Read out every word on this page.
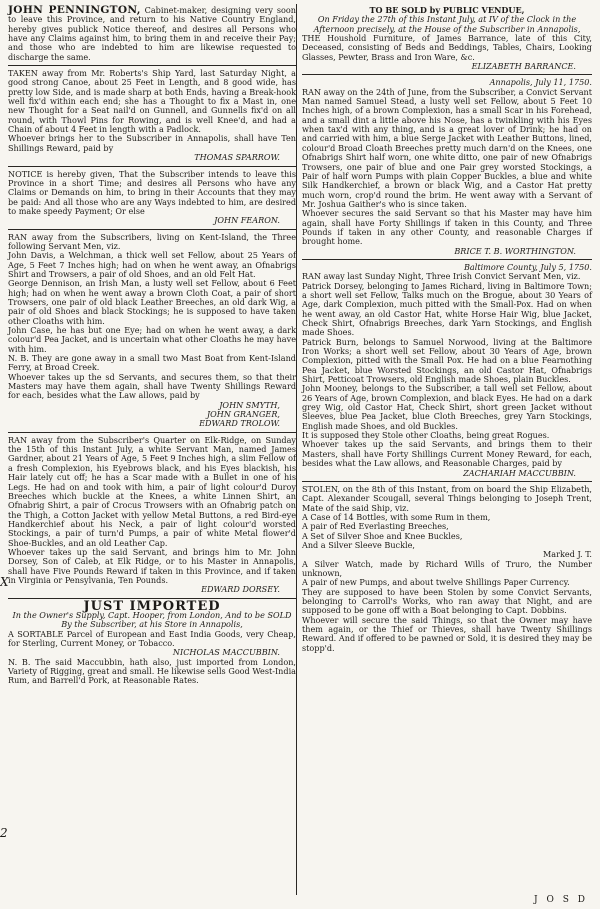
JOHN PENNINGTON, Cabinet-maker, designing very soon to leave this Province, and return to his Native Country England, hereby gives publick Notice thereof, and desires all Persons who have any Claims against him, to bring them in and receive their Pay; and those who are indebted to him are likewise requested to discharge the same.

TAKEN away from Mr. Roberts's Ship Yard, last Saturday Night, a good strong Canoe, about 25 Feet in Length, and 8 good wide, has pretty low Side, and is made sharp at both Ends, having a Break-hook well fix'd within each end; she has a Thought to fix a Mast in, one new Thought for a Seat nail'd on Gunnell, and Gunnells fix'd on all round, with Thowl Pins for Rowing, and is well Knee'd, and had a Chain of about 4 Feet in length with a Padlock.

Whoever brings her to the Subscriber in Annapolis, shall have Ten Shillings Reward, paid by

THOMAS SPARROW.

NOTICE is hereby given, That the Subscriber intends to leave this Province in a short Time; and desires all Persons who have any Claims or Demands on him, to bring in their Accounts that they may be paid: And all those who are any Ways indebted to him, are desired to make speedy Payment; Or else

JOHN FEARON.

RAN away from the Subscribers, living on Kent-Island, the Three following Servant Men, viz.

John Davis, a Welchman, a thick well set Fellow, about 25 Years of Age, 5 Feet 7 Inches high; had on when he went away, an Ofnabrigs Shirt and Trowsers, a pair of old Shoes, and an old Felt Hat.

George Dennison, an Irish Man, a lusty well set Fellow, about 6 Feet high; had on when he went away a brown Cloth Coat, a pair of short Trowsers, one pair of old black Leather Breeches, an old dark Wig, a pair of old Shoes and black Stockings; he is supposed to have taken other Cloaths with him.

John Case, he has but one Eye; had on when he went away, a dark colour'd Pea Jacket, and is uncertain what other Cloaths he may have with him.

N. B. They are gone away in a small two Mast Boat from Kent-Island Ferry, at Broad Creek.

Whoever takes up the sd Servants, and secures them, so that their Masters may have them again, shall have Twenty Shillings Reward for each, besides what the Law allows, paid by

JOHN SMYTH,

JOHN GRANGER,

EDWARD TROLOW.

RAN away from the Subscriber's Quarter on Elk-Ridge, on Sunday the 15th of this Instant July, a white Servant Man, named James Gardner, about 21 Years of Age, 5 Feet 9 Inches high, a slim Fellow of a fresh Complexion, his Eyebrows black, and his Eyes blackish, his Hair lately cut off; he has a Scar made with a Bullet in one of his Legs. He had on and took with him, a pair of light colour'd Duroy Breeches which buckle at the Knees, a white Linnen Shirt, an Ofnabrig Shirt, a pair of Crocus Trowsers with an Ofnabrig patch on the Thigh, a Cotton Jacket with yellow Metal Buttons, a red Bird-eye Handkerchief about his Neck, a pair of light colour'd worsted Stockings, a pair of turn'd Pumps, a pair of white Metal flower'd Shoe-Buckles, and an old Leather Cap.

Whoever takes up the said Servant, and brings him to Mr. John Dorsey, Son of Caleb, at Elk Ridge, or to his Master in Annapolis, shall have Five Pounds Reward if taken in this Province, and if taken in Virginia or Pensylvania, Ten Pounds.

EDWARD DORSEY.

JUST IMPORTED

In the Owner's Supply, Capt. Hooper, from London, And to be SOLD

By the Subscriber, at his Store in Annapolis,

A SORTABLE Parcel of European and East India Goods, very Cheap, for Sterling, Current Money, or Tobacco.

NICHOLAS MACCUBBIN.

N. B. The said Maccubbin, hath also, just imported from London, Variety of Rigging, great and small. He likewise sells Good West-India Rum, and Barrell'd Pork, at Reasonable Rates.

X
2

TO BE SOLD by PUBLIC VENDUE,

On Friday the 27th of this Instant July, at IV of the Clock in the Afternoon precisely, at the House of the Subscriber in Annapolis,

THE Houshold Furniture, of James Barrance, late of this City, Deceased, consisting of Beds and Beddings, Tables, Chairs, Looking Glasses, Pewter, Brass and Iron Ware, &c.

ELIZABETH BARRANCE.

Annapolis, July 11, 1750.

RAN away on the 24th of June, from the Subscriber, a Convict Servant Man named Samuel Stead, a lusty well set Fellow, about 5 Feet 10 Inches high, of a brown Complexion, has a small Scar in his Forehead, and a small dint a little above his Nose, has a twinkling with his Eyes when tax'd with any thing, and is a great lover of Drink; he had on and carried with him, a blue Serge Jacket with Leather Buttons, lined, colour'd Broad Cloath Breeches pretty much darn'd on the Knees, one Ofnabrigs Shirt half worn, one white ditto, one pair of new Ofnabrigs Trowsers, one pair of blue and one Pair grey worsted Stockings, a Pair of half worn Pumps with plain Copper Buckles, a blue and white Silk Handkerchief, a brown or black Wig, and a Castor Hat pretty much worn, crop'd round the brim. He went away with a Servant of Mr. Joshua Gaither's who is since taken.

Whoever secures the said Servant so that his Master may have him again, shall have Forty Shillings if taken in this County, and Three Pounds if taken in any other County, and reasonable Charges if brought home.

BRICE T. B. WORTHINGTON.

Baltimore County, July 5, 1750.

RAN away last Sunday Night, Three Irish Convict Servant Men, viz.

Patrick Dorsey, belonging to James Richard, living in Baltimore Town; a short well set Fellow, Talks much on the Brogue, about 30 Years of Age, dark Complexion, much pitted with the Small-Pox. Had on when he went away, an old Castor Hat, white Horse Hair Wig, blue Jacket, Check Shirt, Ofnabrigs Breeches, dark Yarn Stockings, and English made Shoes.

Patrick Burn, belongs to Samuel Norwood, living at the Baltimore Iron Works; a short well set Fellow, about 30 Years of Age, brown Complexion, pitted with the Small Pox. He had on a blue Fearnothing Pea Jacket, blue Worsted Stockings, an old Castor Hat, Ofnabrigs Shirt, Petticoat Trowsers, old English made Shoes, plain Buckles.

John Mooney, belongs to the Subscriber, a tall well set Fellow, about 26 Years of Age, brown Complexion, and black Eyes. He had on a dark grey Wig, old Castor Hat, Check Shirt, short green Jacket without Sleeves, blue Pea Jacket, blue Cloth Breeches, grey Yarn Stockings, English made Shoes, and old Buckles.

It is supposed they Stole other Cloaths, being great Rogues.

Whoever takes up the said Servants, and brings them to their Masters, shall have Forty Shillings Current Money Reward, for each, besides what the Law allows, and Reasonable Charges, paid by

ZACHARIAH MACCUBBIN.

STOLEN, on the 8th of this Instant, from on board the Ship Elizabeth, Capt. Alexander Scougall, several Things belonging to Joseph Trent, Mate of the said Ship, viz.

A Case of 14 Bottles, with some Rum in them,

A pair of Red Everlasting Breeches,

A Set of Silver Shoe and Knee Buckles,

And a Silver Sleeve Buckle,

Marked J. T.

A Silver Watch, made by Richard Wills of Truro, the Number unknown,

A pair of new Pumps, and about twelve Shillings Paper Currency.

They are supposed to have been Stolen by some Convict Servants, belonging to Carroll's Works, who ran away that Night, and are supposed to be gone off with a Boat belonging to Capt. Dobbins.

Whoever will secure the said Things, so that the Owner may have them again, or the Thief or Thieves, shall have Twenty Shillings Reward. And if offered to be pawned or Sold, it is desired they may be stopp'd.

J O S D
